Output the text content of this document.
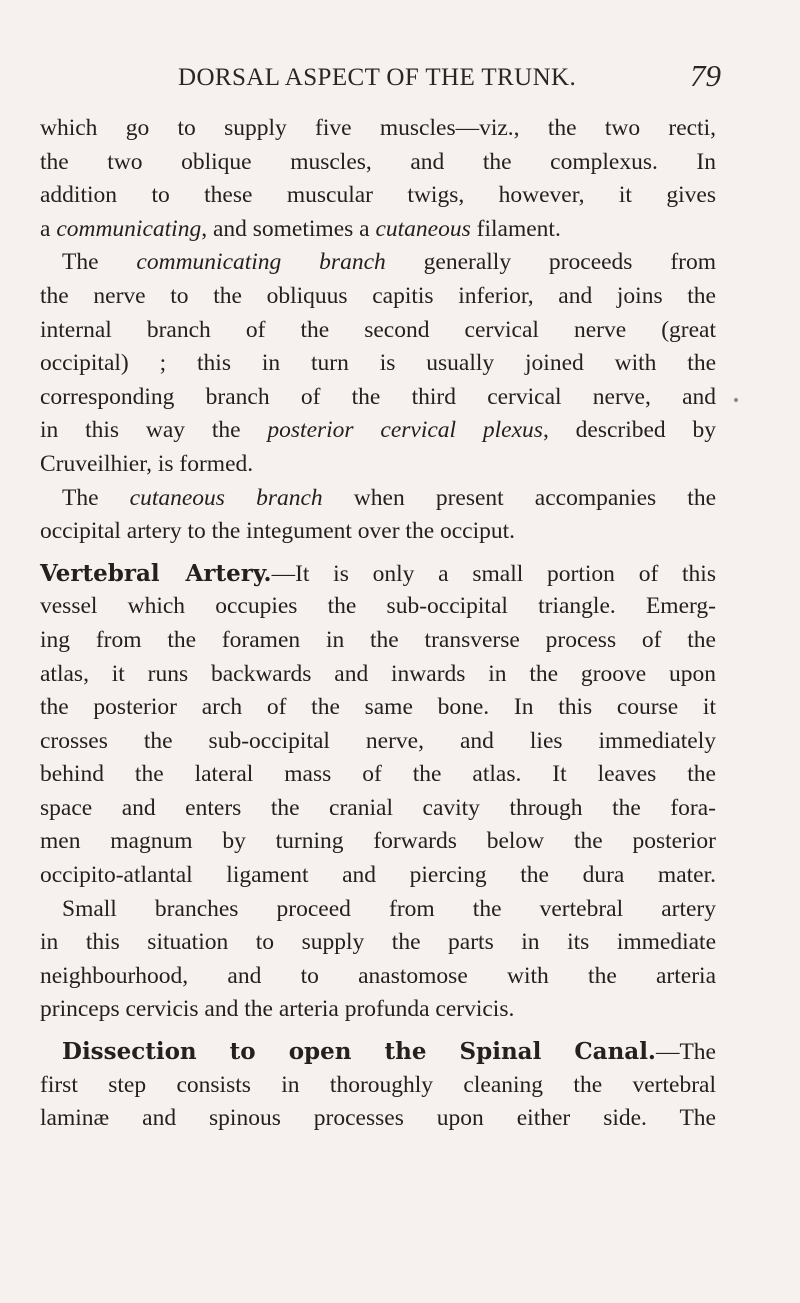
DORSAL ASPECT OF THE TRUNK.	79
which go to supply five muscles—viz., the two recti,
the two oblique muscles, and the complexus. In
addition to these muscular twigs, however, it gives
a communicating, and sometimes a cutaneous filament.
The communicating branch generally proceeds from
the nerve to the obliquus capitis inferior, and joins the
internal branch of the second cervical nerve (great
occipital) ; this in turn is usually joined with the
corresponding branch of the third cervical nerve, and
in this way the posterior cervical plexus, described by
Cruveilhier, is formed.
The cutaneous branch when present accompanies the
occipital artery to the integument over the occiput.
Vertebral Artery.—It is only a small portion of this
vessel which occupies the sub-occipital triangle. Emerg-
ing from the foramen in the transverse process of the
atlas, it runs backwards and inwards in the groove upon
the posterior arch of the same bone. In this course it
crosses the sub-occipital nerve, and lies immediately
behind the lateral mass of the atlas. It leaves the
space and enters the cranial cavity through the fora-
men magnum by turning forwards below the posterior
occipito-atlantal ligament and piercing the dura mater.
Small branches proceed from the vertebral artery
in this situation to supply the parts in its immediate
neighbourhood, and to anastomose with the arteria
princeps cervicis and the arteria profunda cervicis.
Dissection to open the Spinal Canal.—The
first step consists in thoroughly cleaning the vertebral
laminæ and spinous processes upon either side. The
